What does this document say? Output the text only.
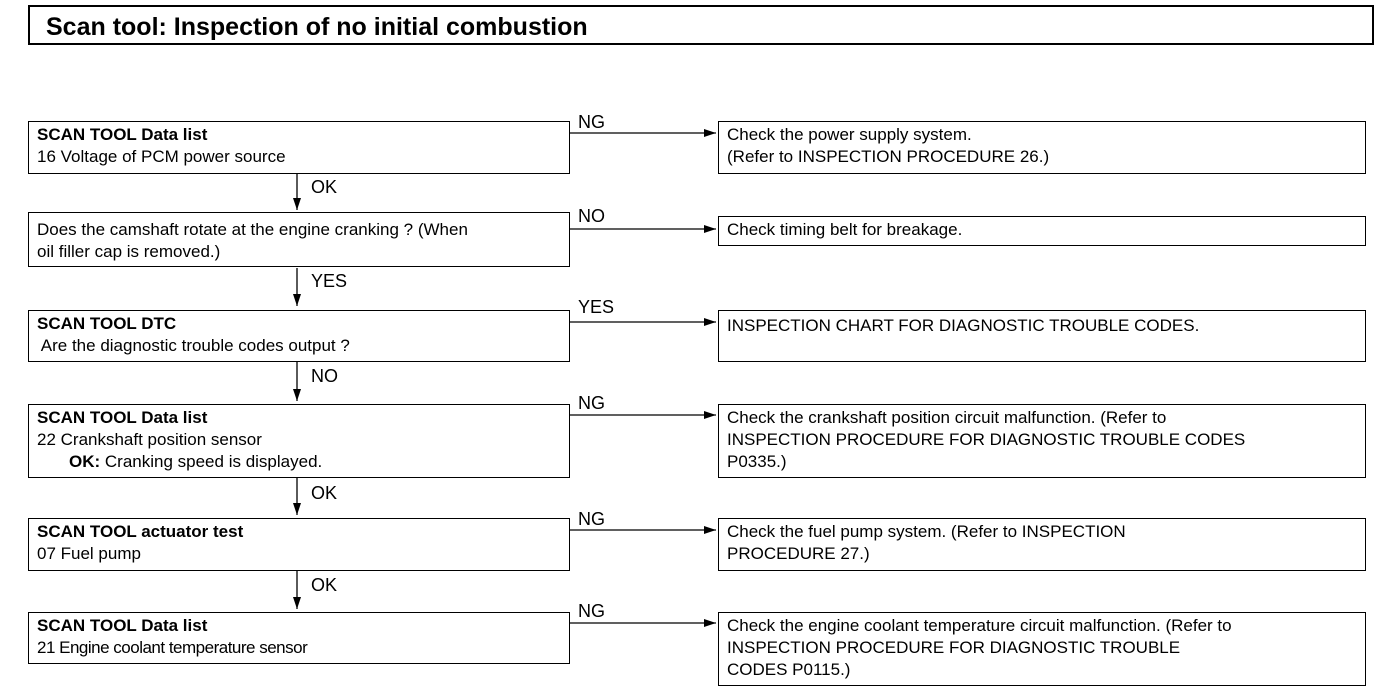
Scan tool: Inspection of no initial combustion
SCAN TOOL Data list
16 Voltage of PCM power source
NG
Check the power supply system.
(Refer to INSPECTION PROCEDURE 26.)
OK
Does the camshaft rotate at the engine cranking ? (When
oil filler cap is removed.)
NO
Check timing belt for breakage.
YES
SCAN TOOL DTC
Are the diagnostic trouble codes output ?
YES
INSPECTION CHART FOR DIAGNOSTIC TROUBLE CODES.
NO
SCAN TOOL Data list
22 Crankshaft position sensor
OK: Cranking speed is displayed.
NG
Check the crankshaft position circuit malfunction. (Refer to
INSPECTION PROCEDURE FOR DIAGNOSTIC TROUBLE CODES
P0335.)
OK
SCAN TOOL actuator test
07 Fuel pump
NG
Check the fuel pump system. (Refer to INSPECTION
PROCEDURE 27.)
OK
SCAN TOOL Data list
21 Engine coolant temperature sensor
NG
Check the engine coolant temperature circuit malfunction. (Refer to
INSPECTION PROCEDURE FOR DIAGNOSTIC TROUBLE
CODES P0115.)
